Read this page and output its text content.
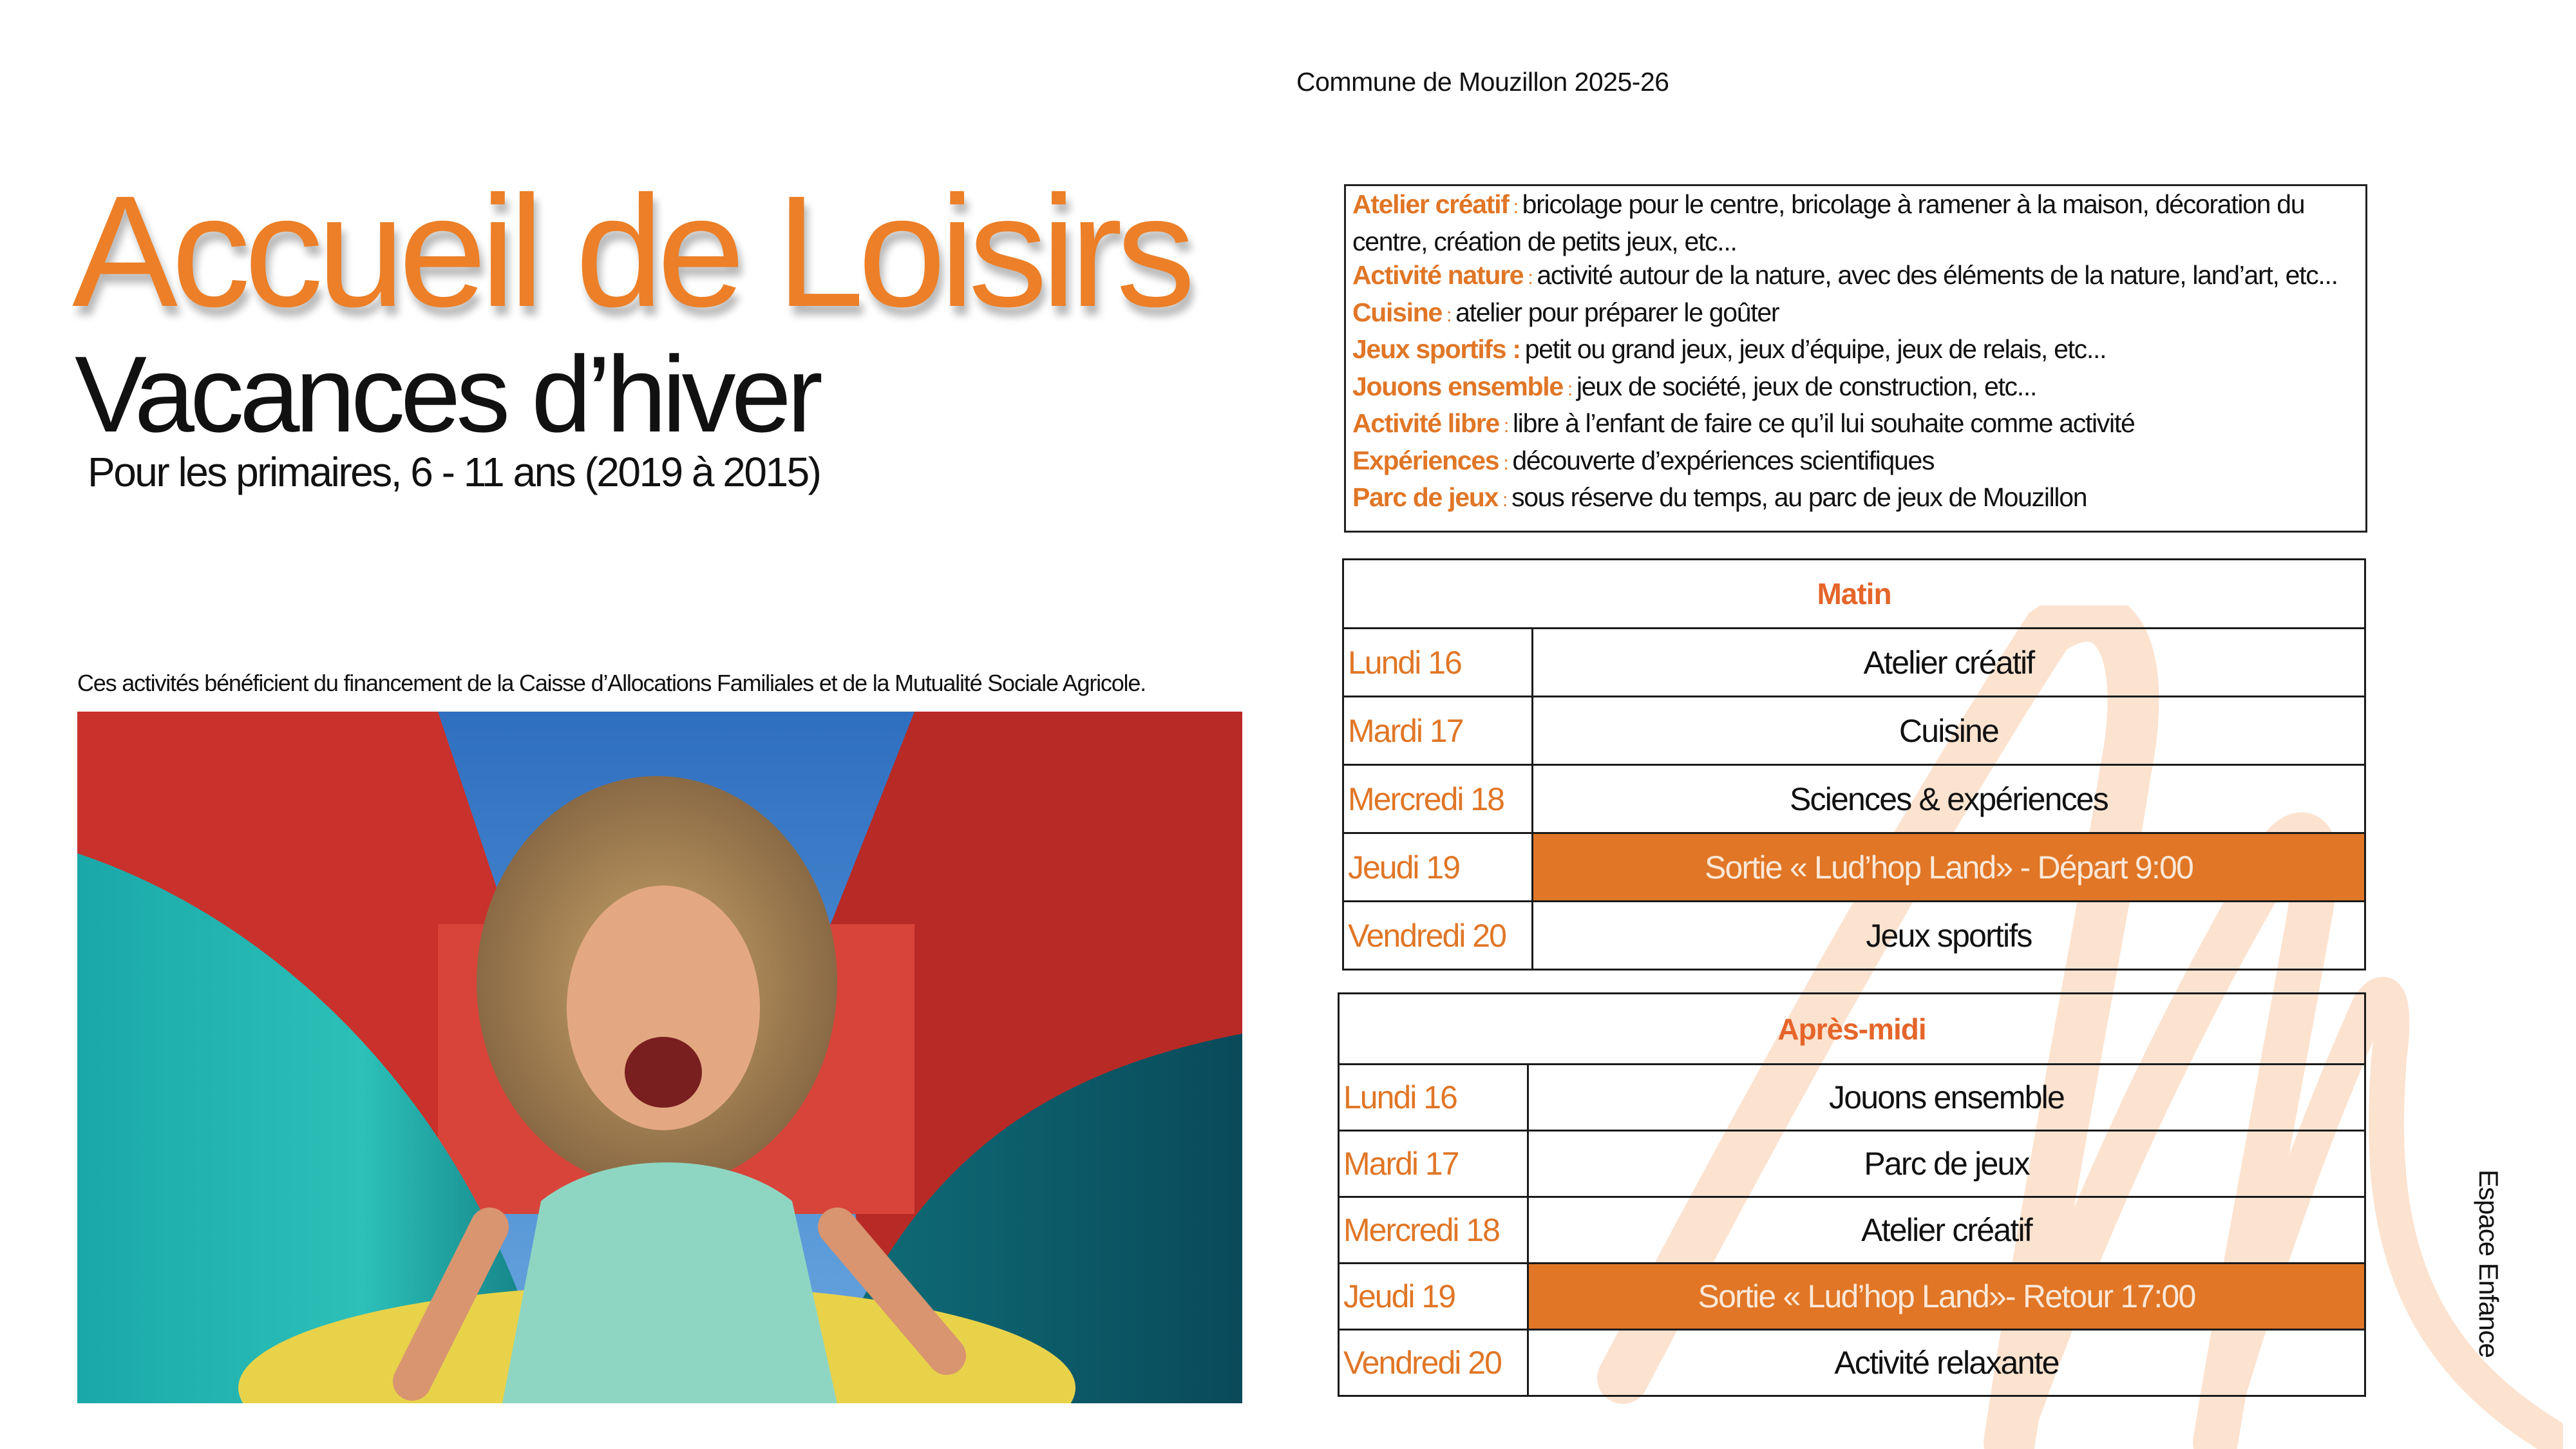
Commune de Mouzillon 2025-26
Accueil de Loisirs
Vacances d’hiver
Pour les primaires, 6 - 11 ans (2019 à 2015)
Ces activités bénéficient du financement de la Caisse d’Allocations Familiales et de la Mutualité Sociale Agricole.
Atelier créatif : bricolage pour le centre, bricolage à ramener à la maison, décoration du centre, création de petits jeux, etc...
Activité nature : activité autour de la nature, avec des éléments de la nature, land’art, etc...
Cuisine : atelier pour préparer le goûter
Jeux sportifs : petit ou grand jeux, jeux d’équipe, jeux de relais, etc...
Jouons ensemble : jeux de société, jeux de construction, etc...
Activité libre : libre à l’enfant de faire ce qu’il lui souhaite comme activité
Expériences : découverte d’expériences scientifiques
Parc de jeux : sous réserve du temps, au parc de jeux de Mouzillon
Matin	
Lundi 16	Atelier créatif
Mardi 17	Cuisine
Mercredi 18	Sciences & expériences
Jeudi 19	Sortie « Lud’hop Land» - Départ 9:00
Vendredi 20	Jeux sportifs
Après-midi	
Lundi 16	Jouons ensemble
Mardi 17	Parc de jeux
Mercredi 18	Atelier créatif
Jeudi 19	Sortie « Lud’hop Land»- Retour 17:00
Vendredi 20	Activité relaxante
Espace Enfance
